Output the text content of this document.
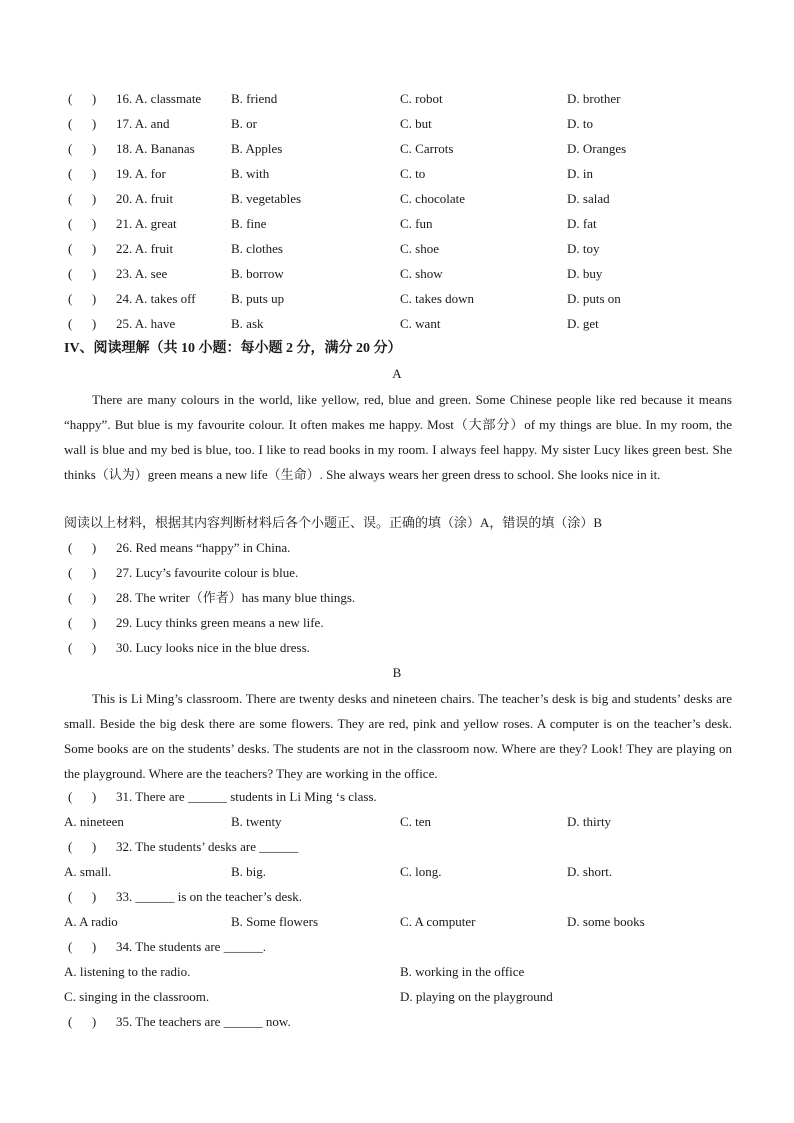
(      ) 16. A. classmate B. friend	C. robot	D. brother
(      ) 17. A. and	B. or	C. but	D. to
(      ) 18. A. Bananas	B. Apples	C. Carrots	D. Oranges
(      ) 19. A. for	B. with	C. to	D. in
(      ) 20. A. fruit	B. vegetables	C. chocolate	D. salad
(      ) 21. A. great	B. fine	C. fun	D. fat
(      ) 22. A. fruit	B. clothes	C. shoe	D. toy
(      ) 23. A. see	B. borrow	C. show	D. buy
(      ) 24. A. takes off	B. puts up	C. takes down	D. puts on
(      ) 25. A. have	B. ask	C. want	D. get
IV、阅读理解（共 10 小题：每小题 2 分，满分 20 分）
A
There are many colours in the world, like yellow, red, blue and green. Some Chinese people like red because it means “happy”. But blue is my favourite colour. It often makes me happy. Most（大部分）of my things are blue. In my room, the wall is blue and my bed is blue, too. I like to read books in my room. I always feel happy. My sister Lucy likes green best. She thinks（认为）green means a new life（生命）. She always wears her green dress to school. She looks nice in it.
阅读以上材料，根据其内容判断材料后各个小题正、误。正确的填（涂）A，错误的填（涂）B
(      ) 26. Red means “happy” in China.
(      ) 27. Lucy’s favourite colour is blue.
(      ) 28. The writer（作者）has many blue things.
(      ) 29. Lucy thinks green means a new life.
(      ) 30. Lucy looks nice in the blue dress.
B
This is Li Ming’s classroom. There are twenty desks and nineteen chairs. The teacher’s desk is big and students’ desks are small. Beside the big desk there are some flowers. They are red, pink and yellow roses. A computer is on the teacher’s desk. Some books are on the students’ desks. The students are not in the classroom now. Where are they? Look! They are playing on the playground. Where are the teachers? They are working in the office.
(      ) 31. There are ______ students in Li Ming ‘s class.
A. nineteen	B. twenty	C. ten	D. thirty
(      ) 32. The students’ desks are ______
A. small.	B. big.	C. long.	D. short.
(      ) 33. ______ is on the teacher’s desk.
A. A radio	B. Some flowers	C. A computer	D. some books
(      ) 34. The students are ______.
A. listening to the radio.	B. working in the office
C. singing in the classroom.	D. playing on the playground
(      ) 35. The teachers are ______ now.
